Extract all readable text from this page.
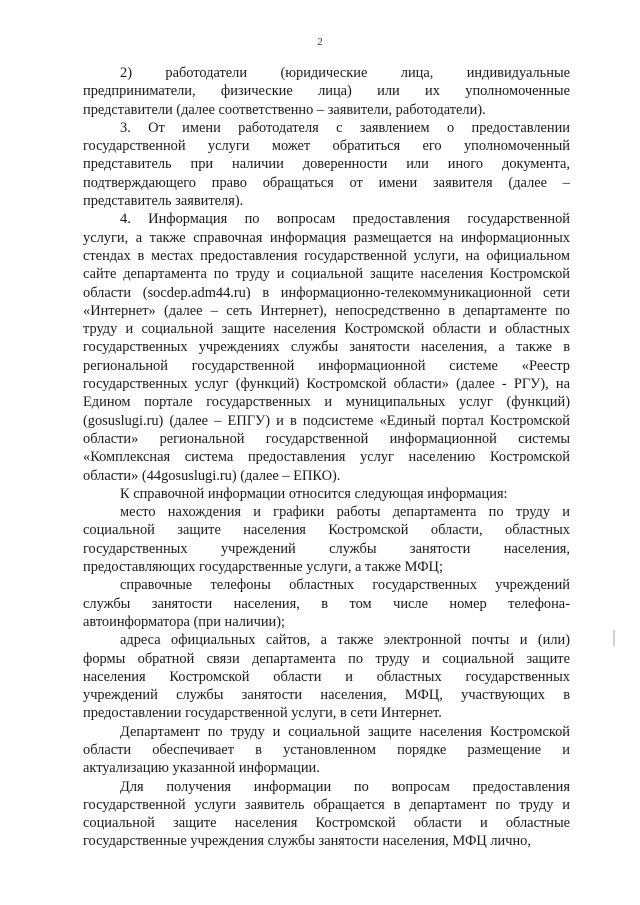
2
2) работодатели (юридические лица, индивидуальные
предприниматели, физические лица) или их уполномоченные
представители (далее соответственно – заявители, работодатели).
3. От имени работодателя с заявлением о предоставлении
государственной услуги может обратиться его уполномоченный
представитель при наличии доверенности или иного документа,
подтверждающего право обращаться от имени заявителя (далее –
представитель заявителя).
4. Информация по вопросам предоставления государственной
услуги, а также справочная информация размещается на информационных
стендах в местах предоставления государственной услуги, на официальном
сайте департамента по труду и социальной защите населения Костромской
области (socdep.adm44.ru) в информационно-телекоммуникационной сети
«Интернет» (далее – сеть Интернет), непосредственно в департаменте по
труду и социальной защите населения Костромской области и областных
государственных учреждениях службы занятости населения, а также в
региональной государственной информационной системе «Реестр
государственных услуг (функций) Костромской области» (далее - РГУ), на
Едином портале государственных и муниципальных услуг (функций)
(gosuslugi.ru) (далее – ЕПГУ) и в подсистеме «Единый портал Костромской
области» региональной государственной информационной системы
«Комплексная система предоставления услуг населению Костромской
области» (44gosuslugi.ru) (далее – ЕПКО).
К справочной информации относится следующая информация:
место нахождения и графики работы департамента по труду и
социальной защите населения Костромской области, областных
государственных учреждений службы занятости населения,
предоставляющих государственные услуги, а также МФЦ;
справочные телефоны областных государственных учреждений
службы занятости населения, в том числе номер телефона-
автоинформатора (при наличии);
адреса официальных сайтов, а также электронной почты и (или)
формы обратной связи департамента по труду и социальной защите
населения Костромской области и областных государственных
учреждений службы занятости населения, МФЦ, участвующих в
предоставлении государственной услуги, в сети Интернет.
Департамент по труду и социальной защите населения Костромской
области обеспечивает в установленном порядке размещение и
актуализацию указанной информации.
Для получения информации по вопросам предоставления
государственной услуги заявитель обращается в департамент по труду и
социальной защите населения Костромской области и областные
государственные учреждения службы занятости населения, МФЦ лично,
